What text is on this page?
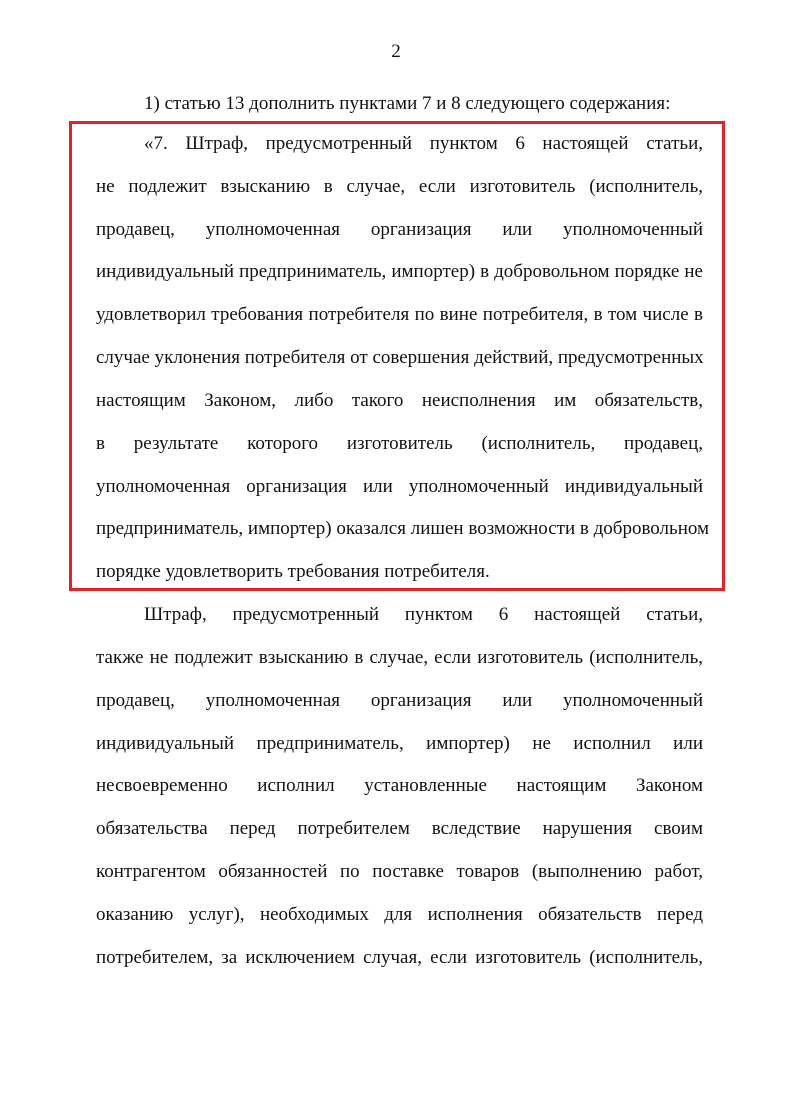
2
1) статью 13 дополнить пунктами 7 и 8 следующего содержания:
«7. Штраф, предусмотренный пунктом 6 настоящей статьи,
не подлежит взысканию в случае, если изготовитель (исполнитель,
продавец, уполномоченная организация или уполномоченный
индивидуальный предприниматель, импортер) в добровольном порядке не
удовлетворил требования потребителя по вине потребителя, в том числе в
случае уклонения потребителя от совершения действий, предусмотренных
настоящим Законом, либо такого неисполнения им обязательств,
в результате которого изготовитель (исполнитель, продавец,
уполномоченная организация или уполномоченный индивидуальный
предприниматель, импортер) оказался лишен возможности в добровольном
порядке удовлетворить требования потребителя.
Штраф, предусмотренный пунктом 6 настоящей статьи,
также не подлежит взысканию в случае, если изготовитель (исполнитель,
продавец, уполномоченная организация или уполномоченный
индивидуальный предприниматель, импортер) не исполнил или
несвоевременно исполнил установленные настоящим Законом
обязательства перед потребителем вследствие нарушения своим
контрагентом обязанностей по поставке товаров (выполнению работ,
оказанию услуг), необходимых для исполнения обязательств перед
потребителем, за исключением случая, если изготовитель (исполнитель,
